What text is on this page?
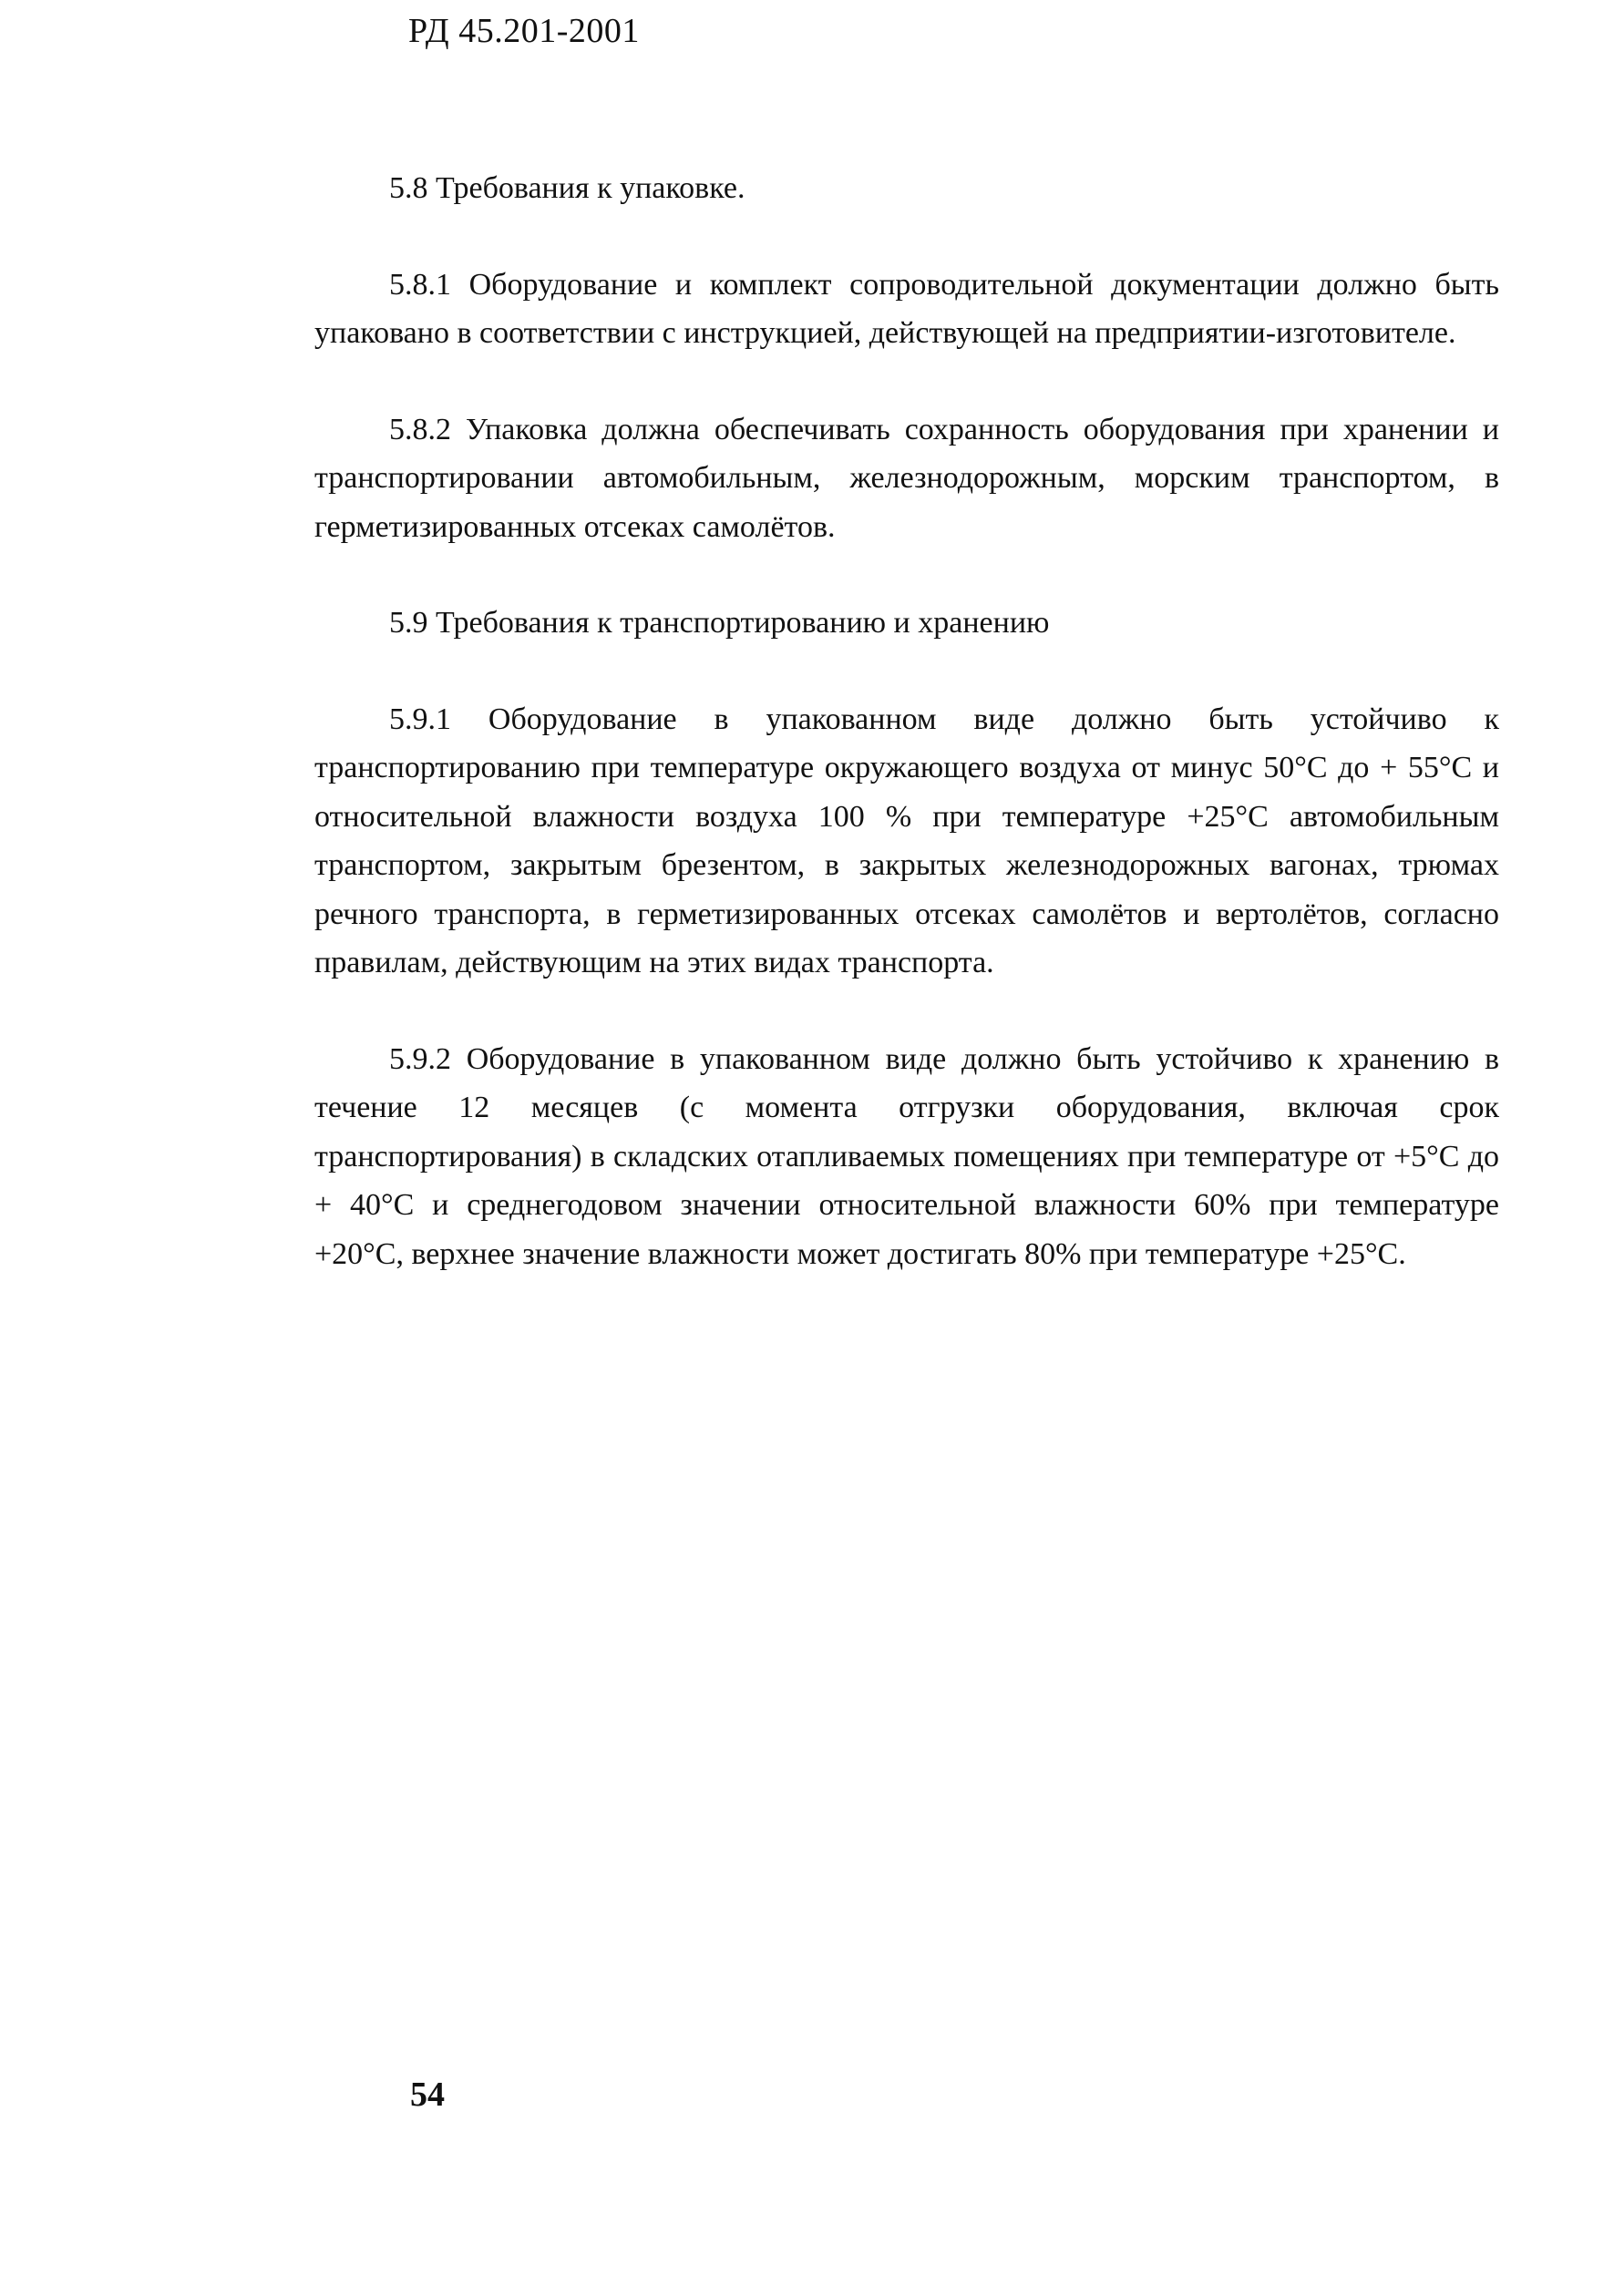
РД 45.201-2001
5.8 Требования к упаковке.
5.8.1 Оборудование и комплект сопроводительной документации должно быть упаковано в соответствии с инструкцией, действующей на предприятии-изготовителе.
5.8.2 Упаковка должна обеспечивать сохранность оборудования при хранении и транспортировании автомобильным, железнодорожным, морским транспортом, в герметизированных отсеках самолётов.
5.9 Требования к транспортированию и хранению
5.9.1 Оборудование в упакованном виде должно быть устойчиво к транспортированию при температуре окружающего воздуха от минус 50°С до + 55°С и относительной влажности воздуха 100 % при температуре +25°С автомобильным транспортом, закрытым брезентом, в закрытых железнодорожных вагонах, трюмах речного транспорта, в герметизированных отсеках самолётов и вертолётов, согласно правилам, действующим на этих видах транспорта.
5.9.2 Оборудование в упакованном виде должно быть устойчиво к хранению в течение 12 месяцев (с момента отгрузки оборудования, включая срок транспортирования) в складских отапливаемых помещениях при температуре от +5°С до + 40°С и среднегодовом значении относительной влажности 60% при температуре +20°С, верхнее значение влажности может достигать 80% при температуре +25°С.
54
